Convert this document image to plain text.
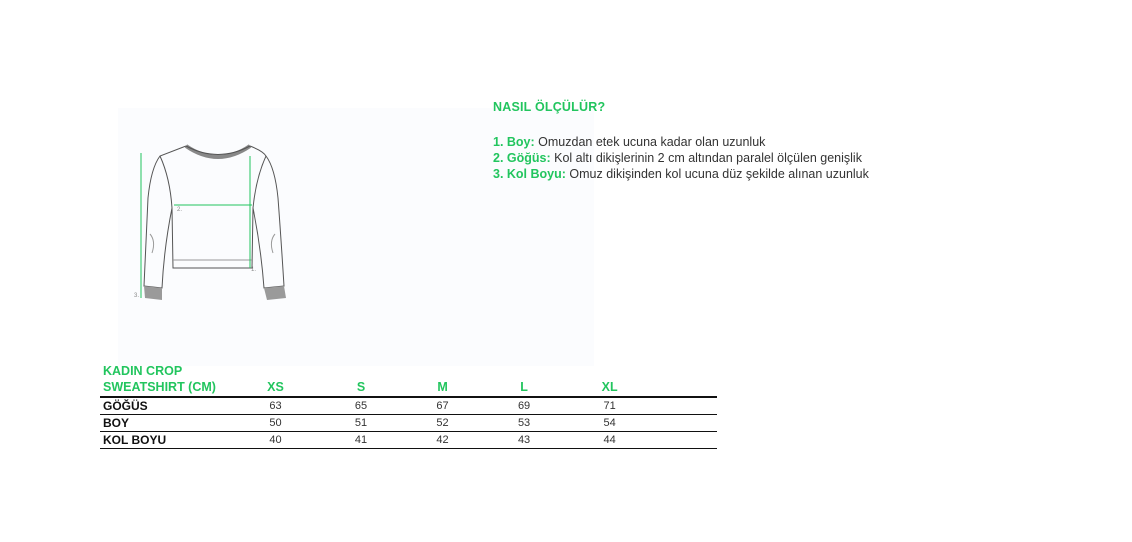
3.
1.
2.
NASIL ÖLÇÜLÜR?
1. Boy: Omuzdan etek ucuna kadar olan uzunluk
2. Göğüs: Kol altı dikişlerinin 2 cm altından paralel ölçülen genişlik
3. Kol Boyu: Omuz dikişinden kol ucuna düz şekilde alınan uzunluk
KADIN CROP
SWEATSHIRT (CM)	XS	S	M	L	XL	
GÖĞÜS	63	65	67	69	71	
BOY	50	51	52	53	54	
KOL BOYU	40	41	42	43	44	
